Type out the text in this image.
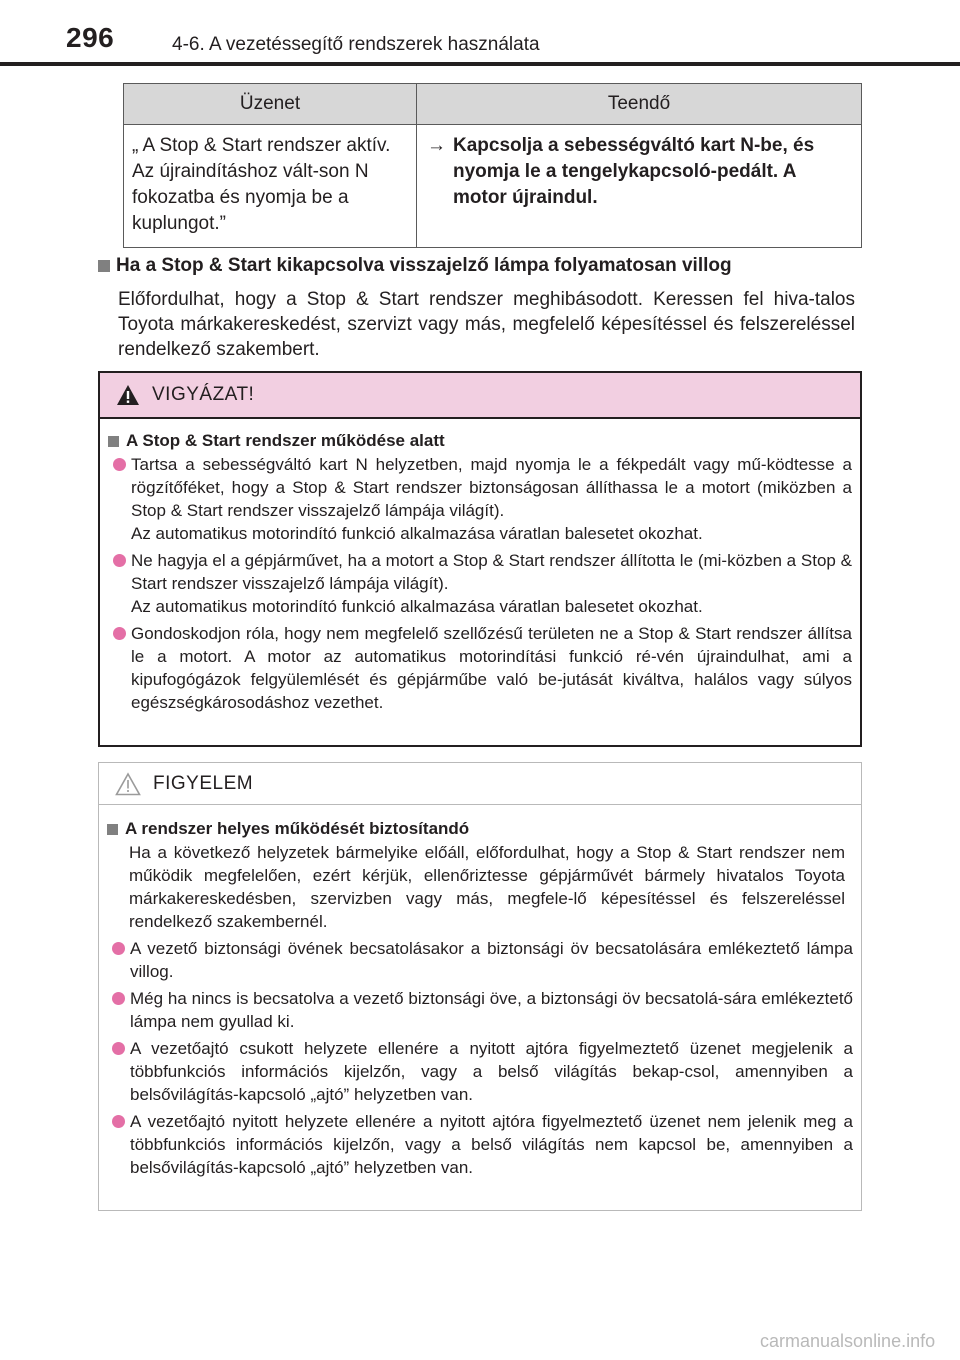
296	4-6. A vezetéssegítő rendszerek használata
Üzenet	Teendő
„ A Stop & Start rendszer aktív. Az újraindításhoz vált-son N fokozatba és nyomja be a kuplungot.”	→ Kapcsolja a sebességváltó kart N-be, és nyomja le a tengelykapcsoló-pedált. A motor újraindul.
Ha a Stop & Start kikapcsolva visszajelző lámpa folyamatosan villog
Előfordulhat, hogy a Stop & Start rendszer meghibásodott. Keressen fel hiva-talos Toyota márkakereskedést, szervizt vagy más, megfelelő képesítéssel és felszereléssel rendelkező szakembert.
VIGYÁZAT!
A Stop & Start rendszer működése alatt
Tartsa a sebességváltó kart N helyzetben, majd nyomja le a fékpedált vagy mű-ködtesse a rögzítőféket, hogy a Stop & Start rendszer biztonságosan állíthassa le a motort (miközben a Stop & Start rendszer visszajelző lámpája világít).
Az automatikus motorindító funkció alkalmazása váratlan balesetet okozhat.
Ne hagyja el a gépjárművet, ha a motort a Stop & Start rendszer állította le (mi-közben a Stop & Start rendszer visszajelző lámpája világít).
Az automatikus motorindító funkció alkalmazása váratlan balesetet okozhat.
Gondoskodjon róla, hogy nem megfelelő szellőzésű területen ne a Stop & Start rendszer állítsa le a motort. A motor az automatikus motorindítási funkció ré-vén újraindulhat, ami a kipufogógázok felgyülemlését és gépjárműbe való be-jutását kiváltva, halálos vagy súlyos egészségkárosodáshoz vezethet.
FIGYELEM
A rendszer helyes működését biztosítandó
Ha a következő helyzetek bármelyike előáll, előfordulhat, hogy a Stop & Start rendszer nem működik megfelelően, ezért kérjük, ellenőriztesse gépjárművét bármely hivatalos Toyota márkakereskedésben, szervizben vagy más, megfele-lő képesítéssel és felszereléssel rendelkező szakembernél.
A vezető biztonsági övének becsatolásakor a biztonsági öv becsatolására emlékeztető lámpa villog.
Még ha nincs is becsatolva a vezető biztonsági öve, a biztonsági öv becsatolá-sára emlékeztető lámpa nem gyullad ki.
A vezetőajtó csukott helyzete ellenére a nyitott ajtóra figyelmeztető üzenet megjelenik a többfunkciós információs kijelzőn, vagy a belső világítás bekap-csol, amennyiben a belsővilágítás-kapcsoló „ajtó” helyzetben van.
A vezetőajtó nyitott helyzete ellenére a nyitott ajtóra figyelmeztető üzenet nem jelenik meg a többfunkciós információs kijelzőn, vagy a belső világítás nem kapcsol be, amennyiben a belsővilágítás-kapcsoló „ajtó” helyzetben van.
carmanualsonline.info
